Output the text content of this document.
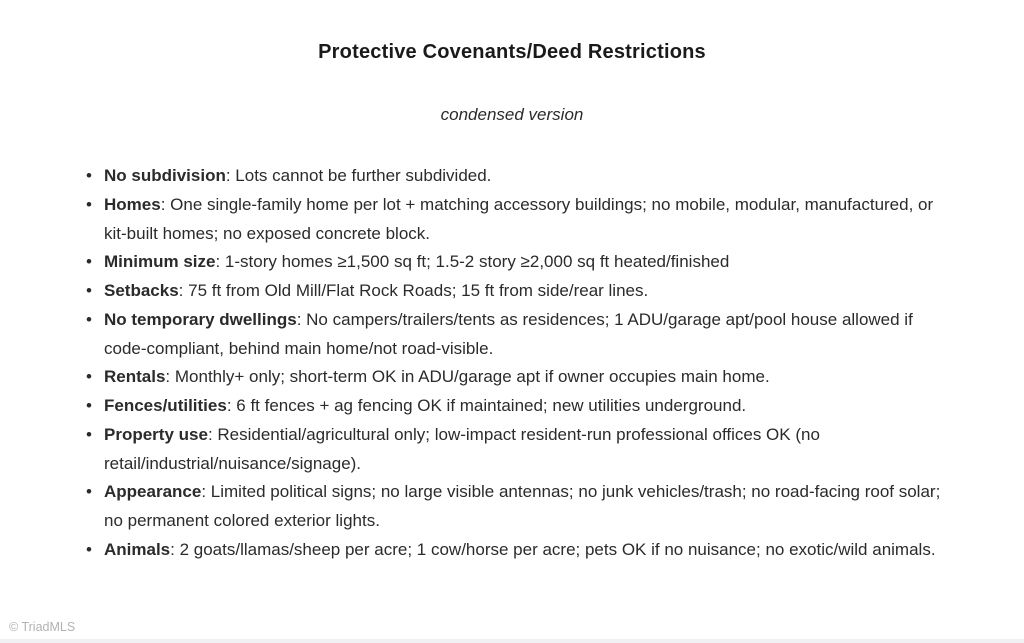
Protective Covenants/Deed Restrictions
condensed version
• No subdivision: Lots cannot be further subdivided.
• Homes: One single-family home per lot + matching accessory buildings; no mobile, modular, manufactured, or kit-built homes; no exposed concrete block.
• Minimum size: 1-story homes ≥1,500 sq ft; 1.5-2 story ≥2,000 sq ft heated/finished
• Setbacks: 75 ft from Old Mill/Flat Rock Roads; 15 ft from side/rear lines.
• No temporary dwellings: No campers/trailers/tents as residences; 1 ADU/garage apt/pool house allowed if code-compliant, behind main home/not road-visible.
• Rentals: Monthly+ only; short-term OK in ADU/garage apt if owner occupies main home.
• Fences/utilities: 6 ft fences + ag fencing OK if maintained; new utilities underground.
• Property use: Residential/agricultural only; low-impact resident-run professional offices OK (no retail/industrial/nuisance/signage).
• Appearance: Limited political signs; no large visible antennas; no junk vehicles/trash; no road-facing roof solar; no permanent colored exterior lights.
• Animals: 2 goats/llamas/sheep per acre; 1 cow/horse per acre; pets OK if no nuisance; no exotic/wild animals.
© TriadMLS
